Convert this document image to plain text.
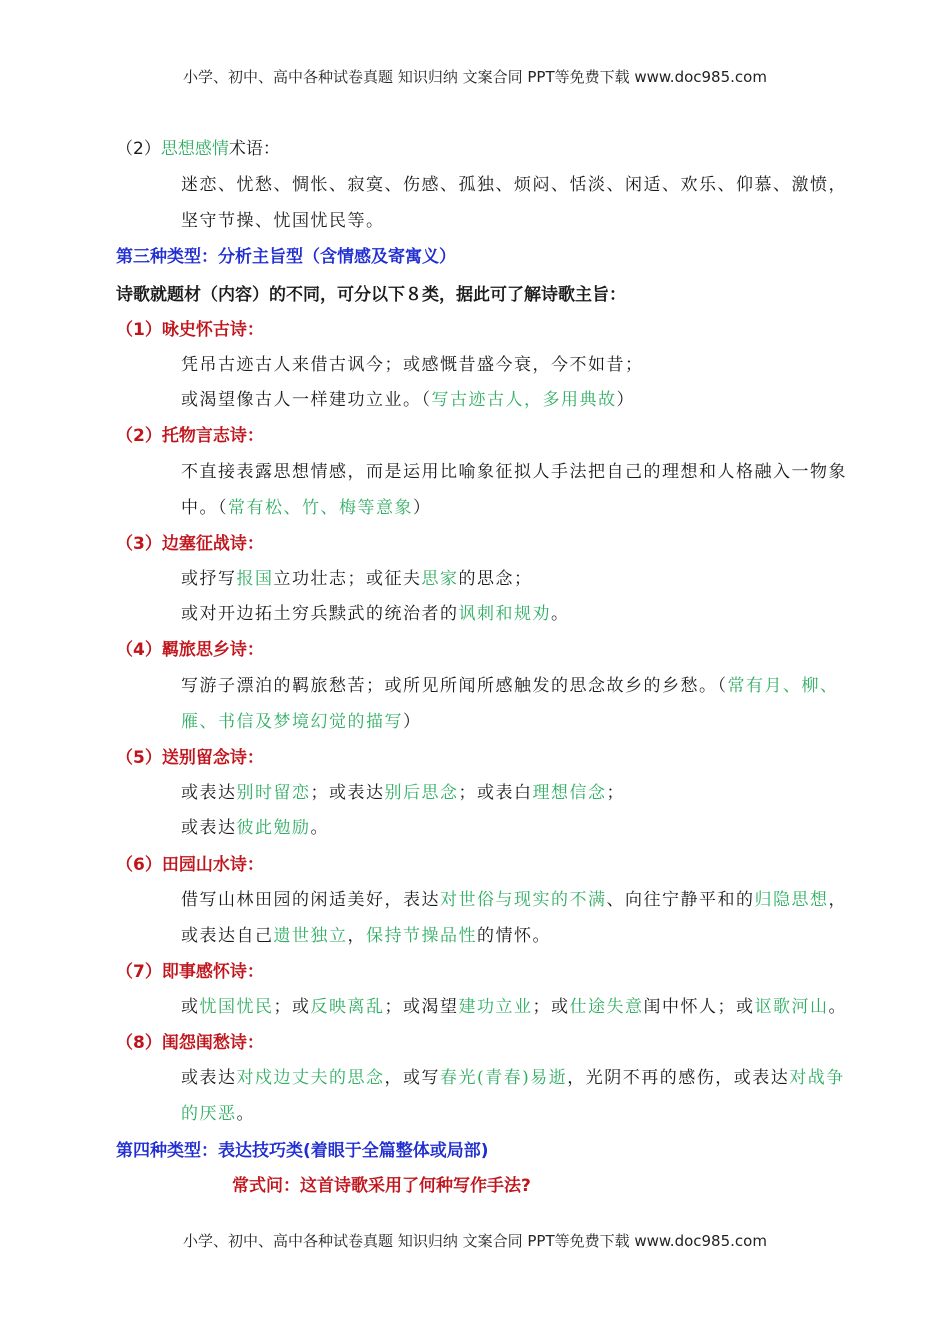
小学、初中、高中各种试卷真题 知识归纳 文案合同 PPT等免费下载 www.doc985.com
（2）思想感情术语：
迷恋、忧愁、惆怅、寂寞、伤感、孤独、烦闷、恬淡、闲适、欢乐、仰慕、激愤，
坚守节操、忧国忧民等。
第三种类型：分析主旨型（含情感及寄寓义）
诗歌就题材（内容）的不同，可分以下８类，据此可了解诗歌主旨：
（1）咏史怀古诗：
凭吊古迹古人来借古讽今；或感慨昔盛今衰，今不如昔；
或渴望像古人一样建功立业。（写古迹古人，多用典故）
（2）托物言志诗：
不直接表露思想情感，而是运用比喻象征拟人手法把自己的理想和人格融入一物象
中。（常有松、竹、梅等意象）
（3）边塞征战诗：
或抒写报国立功壮志；或征夫思家的思念；
或对开边拓土穷兵黩武的统治者的讽刺和规劝。
（4）羁旅思乡诗：
写游子漂泊的羁旅愁苦；或所见所闻所感触发的思念故乡的乡愁。（常有月、柳、
雁、书信及梦境幻觉的描写）
（5）送别留念诗：
或表达别时留恋；或表达别后思念；或表白理想信念；
或表达彼此勉励。
（6）田园山水诗：
借写山林田园的闲适美好，表达对世俗与现实的不满、向往宁静平和的归隐思想，
或表达自己遗世独立，保持节操品性的情怀。
（7）即事感怀诗：
或忧国忧民；或反映离乱；或渴望建功立业；或仕途失意闺中怀人；或讴歌河山。
（8）闺怨闺愁诗：
或表达对戍边丈夫的思念，或写春光(青春)易逝，光阴不再的感伤，或表达对战争
的厌恶。
第四种类型：表达技巧类(着眼于全篇整体或局部)
常式问：这首诗歌采用了何种写作手法?
小学、初中、高中各种试卷真题 知识归纳 文案合同 PPT等免费下载 www.doc985.com
